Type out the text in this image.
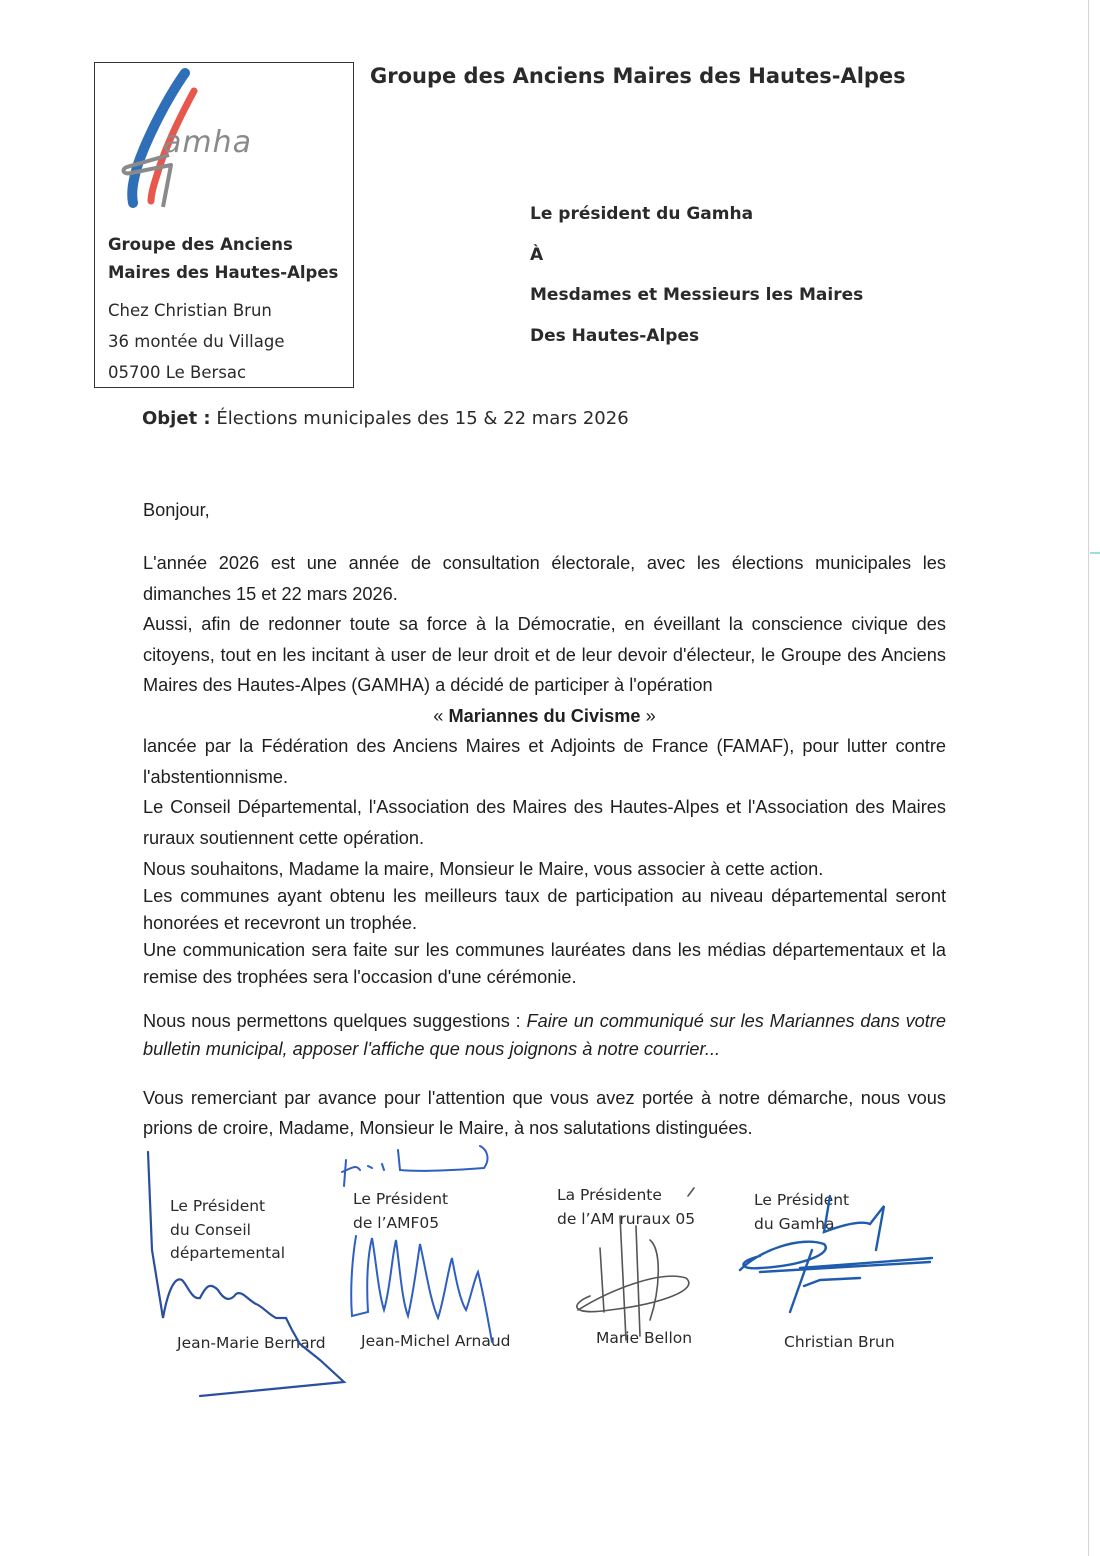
amha
Groupe des Anciens
Maires des Hautes-Alpes
Chez Christian Brun
36 montée du Village
05700 Le Bersac
Groupe des Anciens Maires des Hautes-Alpes
Le président du Gamha
À
Mesdames et Messieurs les Maires
Des Hautes-Alpes
Objet : Élections municipales des 15 & 22 mars 2026

Bonjour,

L'année 2026 est une année de consultation électorale, avec les élections municipales les dimanches 15 et 22 mars 2026.

Aussi, afin de redonner toute sa force à la Démocratie, en éveillant la conscience civique des citoyens, tout en les incitant à user de leur droit et de leur devoir d'électeur, le Groupe des Anciens Maires des Hautes-Alpes (GAMHA) a décidé de participer à l'opération

« Mariannes du Civisme »

lancée par la Fédération des Anciens Maires et Adjoints de France (FAMAF), pour lutter contre l'abstentionnisme.

Le Conseil Départemental, l'Association des Maires des Hautes-Alpes et l'Association des Maires ruraux soutiennent cette opération.

Nous souhaitons, Madame la maire, Monsieur le Maire, vous associer à cette action.

Les communes ayant obtenu les meilleurs taux de participation au niveau départemental seront honorées et recevront un trophée.

Une communication sera faite sur les communes lauréates dans les médias départementaux et la remise des trophées sera l'occasion d'une cérémonie.

Nous nous permettons quelques suggestions : Faire un communiqué sur les Mariannes dans votre bulletin municipal, apposer l'affiche que nous joignons à notre courrier...

Vous remerciant par avance pour l'attention que vous avez portée à notre démarche, nous vous prions de croire, Madame, Monsieur le Maire, à nos salutations distinguées.

Le Président
du Conseil
départemental
Jean-Marie Bernard
Le Président
de l’AMF05
Jean-Michel Arnaud
La Présidente
de l’AM ruraux 05
Marie Bellon
Le Président
du Gamha
Christian Brun
